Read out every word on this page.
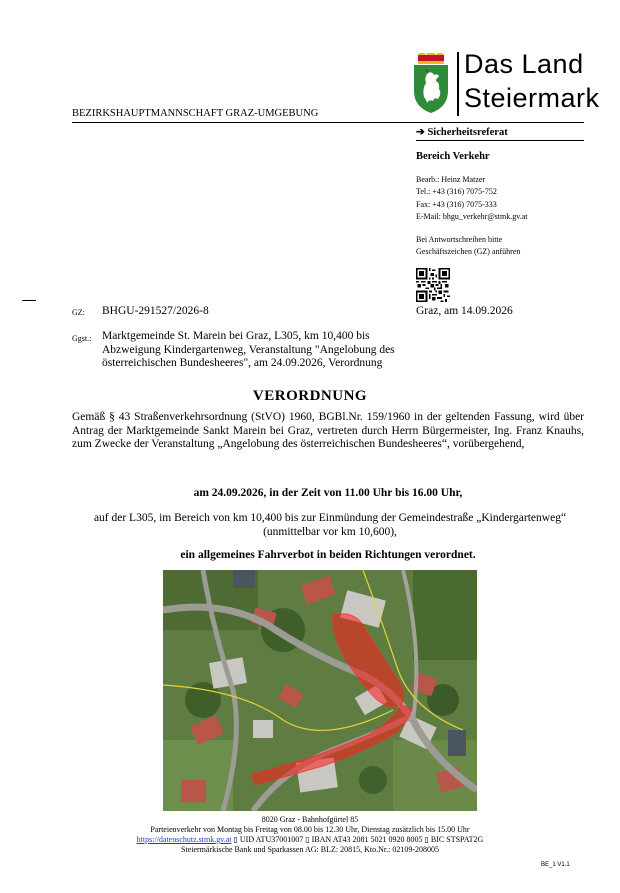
Das Land
Steiermark
BEZIRKSHAUPTMANNSCHAFT GRAZ-UMGEBUNG
➔ Sicherheitsreferat
Bereich Verkehr
Bearb.: Heinz Matzer
Tel.: +43 (316) 7075-752
Fax: +43 (316) 7075-333
E-Mail: bhgu_verkehr@stmk.gv.at
Bei Antwortschreiben bitte
Geschäftszeichen (GZ) anführen
GZ: BHGU-291527/2026-8	Graz, am 14.09.2026
Ggst.: Marktgemeinde St. Marein bei Graz, L305, km 10,400 bis Abzweigung Kindergartenweg, Veranstaltung "Angelobung des österreichischen Bundesheeres", am 24.09.2026, Verordnung
VERORDNUNG
Gemäß § 43 Straßenverkehrsordnung (StVO) 1960, BGBl.Nr. 159/1960 in der geltenden Fassung, wird über Antrag der Marktgemeinde Sankt Marein bei Graz, vertreten durch Herrn Bürgermeister, Ing. Franz Knauhs, zum Zwecke der Veranstaltung „Angelobung des österreichischen Bundesheeres“, vorübergehend,
am 24.09.2026, in der Zeit von 11.00 Uhr bis 16.00 Uhr,
auf der L305, im Bereich von km 10,400 bis zur Einmündung der Gemeindestraße „Kindergartenweg“
(unmittelbar vor km 10,600),
ein allgemeines Fahrverbot in beiden Richtungen verordnet.
8020 Graz - Bahnhofgürtel 85
Parteienverkehr von Montag bis Freitag von 08.00 bis 12.30 Uhr, Dienstag zusätzlich bis 15.00 Uhr
https://datenschutz.stmk.gv.at ▯ UID ATU37001007 ▯ IBAN AT43 2081 5021 0920 8005 ▯ BIC STSPAT2G
Steiermärkische Bank und Sparkassen AG: BLZ: 20815, Kto.Nr.: 02109-208005
BE_1 V1.1
